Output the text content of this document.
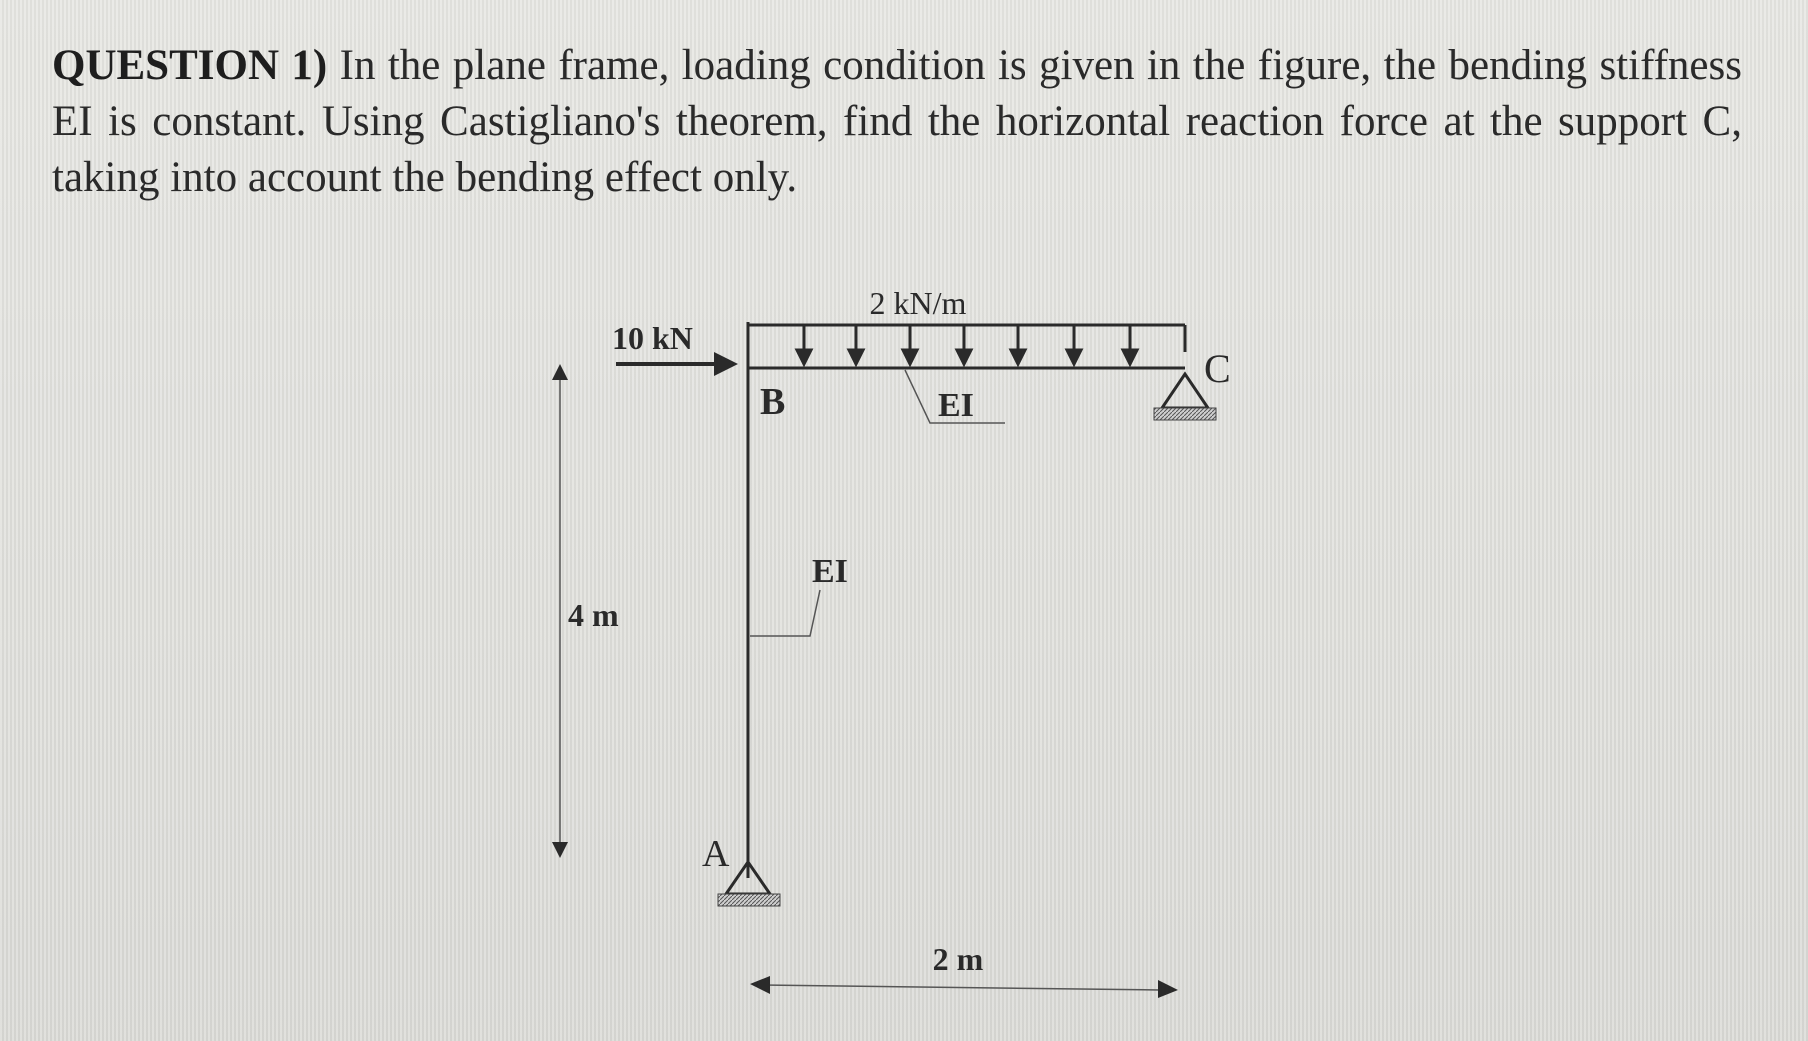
QUESTION 1) In the plane frame, loading condition is given in the figure, the bending stiffness EI is constant. Using Castigliano's theorem, find the horizontal reaction force at the support C, taking into account the bending effect only.
2 kN/m
10 kN
B	EI
C
EI
4 m
A
2 m
